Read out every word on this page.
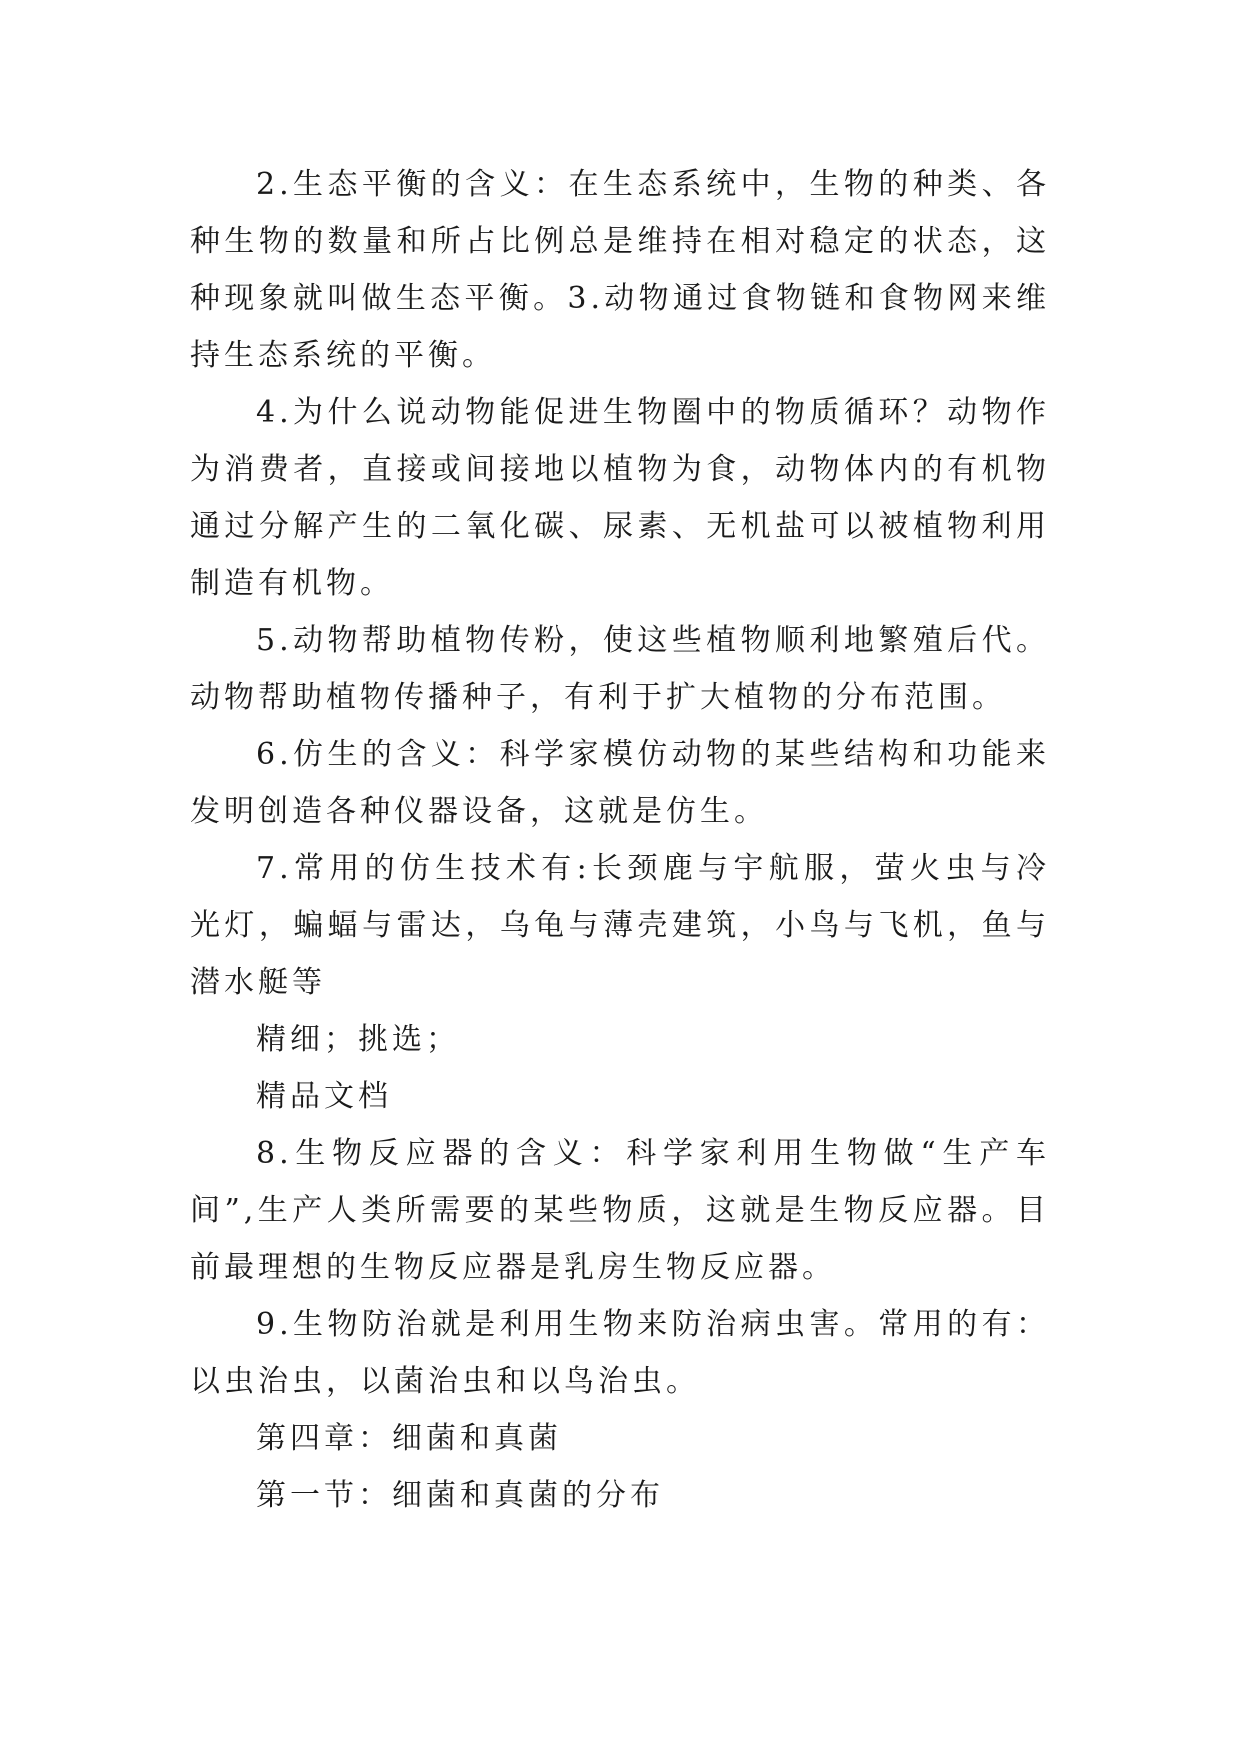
2.生态平衡的含义：在生态系统中，生物的种类、各种生物的数量和所占比例总是维持在相对稳定的状态，这种现象就叫做生态平衡。3.动物通过食物链和食物网来维持生态系统的平衡。

4.为什么说动物能促进生物圈中的物质循环？动物作为消费者，直接或间接地以植物为食，动物体内的有机物通过分解产生的二氧化碳、尿素、无机盐可以被植物利用制造有机物。

5.动物帮助植物传粉，使这些植物顺利地繁殖后代。动物帮助植物传播种子，有利于扩大植物的分布范围。

6.仿生的含义：科学家模仿动物的某些结构和功能来发明创造各种仪器设备，这就是仿生。

7.常用的仿生技术有:长颈鹿与宇航服，萤火虫与冷光灯，蝙蝠与雷达，乌龟与薄壳建筑，小鸟与飞机，鱼与潜水艇等

精细；挑选；

精品文档

8.生物反应器的含义：科学家利用生物做“生产车间”,生产人类所需要的某些物质，这就是生物反应器。目前最理想的生物反应器是乳房生物反应器。

9.生物防治就是利用生物来防治病虫害。常用的有：以虫治虫，以菌治虫和以鸟治虫。

第四章：细菌和真菌

第一节：细菌和真菌的分布
